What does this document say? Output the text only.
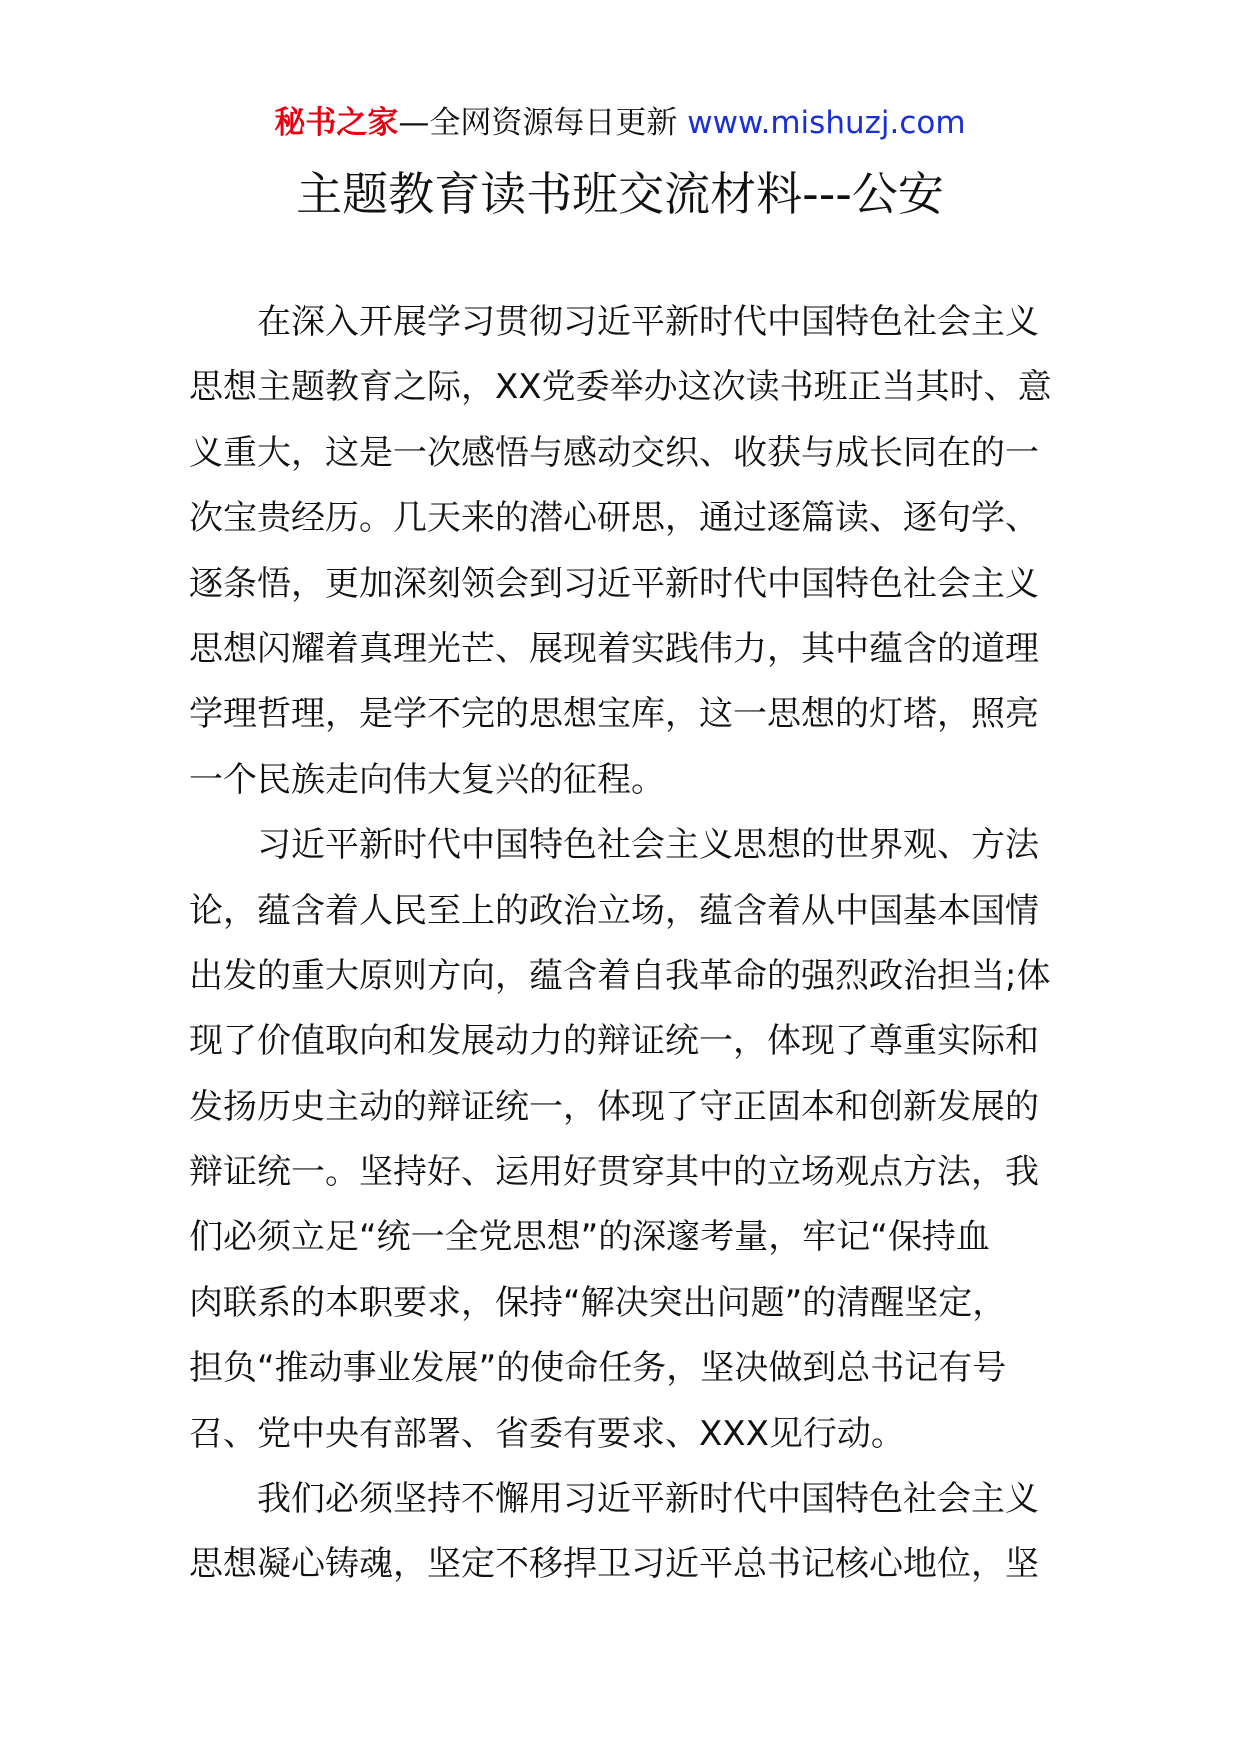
秘书之家—全网资源每日更新 www.mishuzj.com
主题教育读书班交流材料---公安
在深入开展学习贯彻习近平新时代中国特色社会主义
思想主题教育之际，XX党委举办这次读书班正当其时、意
义重大，这是一次感悟与感动交织、收获与成长同在的一
次宝贵经历。几天来的潜心研思，通过逐篇读、逐句学、
逐条悟，更加深刻领会到习近平新时代中国特色社会主义
思想闪耀着真理光芒、展现着实践伟力，其中蕴含的道理
学理哲理，是学不完的思想宝库，这一思想的灯塔，照亮
一个民族走向伟大复兴的征程。
习近平新时代中国特色社会主义思想的世界观、方法
论，蕴含着人民至上的政治立场，蕴含着从中国基本国情
出发的重大原则方向，蕴含着自我革命的强烈政治担当;体
现了价值取向和发展动力的辩证统一，体现了尊重实际和
发扬历史主动的辩证统一，体现了守正固本和创新发展的
辩证统一。坚持好、运用好贯穿其中的立场观点方法，我
们必须立足“统一全党思想”的深邃考量，牢记“保持血
肉联系的本职要求，保持“解决突出问题”的清醒坚定，
担负“推动事业发展”的使命任务，坚决做到总书记有号
召、党中央有部署、省委有要求、XXX见行动。
我们必须坚持不懈用习近平新时代中国特色社会主义
思想凝心铸魂，坚定不移捍卫习近平总书记核心地位，坚
